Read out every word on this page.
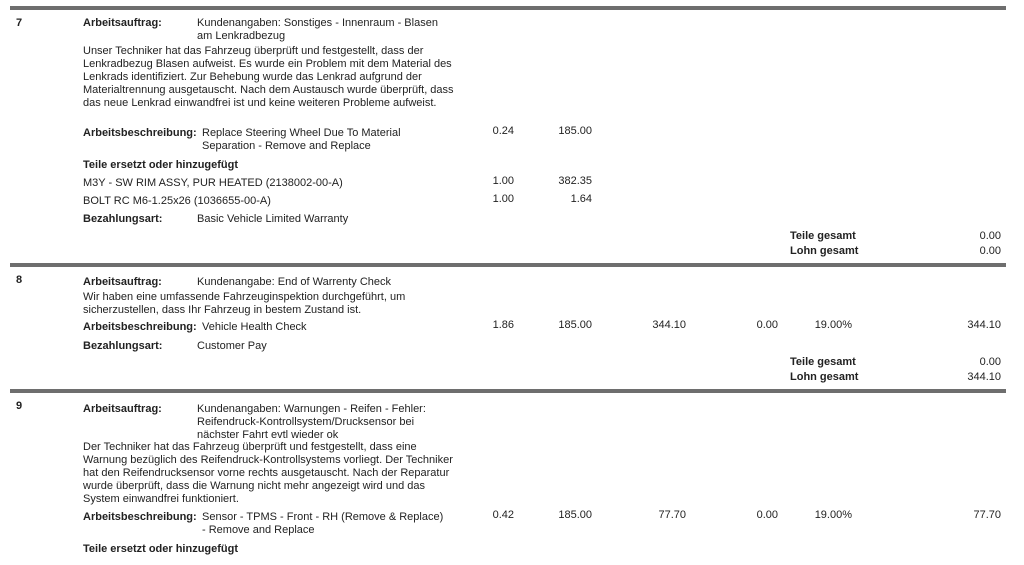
7	Arbeitsauftrag:	Kundenangaben: Sonstiges - Innenraum - Blasen
am Lenkradbezug
Unser Techniker hat das Fahrzeug überprüft und festgestellt, dass der Lenkradbezug Blasen aufweist. Es wurde ein Problem mit dem Material des Lenkrads identifiziert. Zur Behebung wurde das Lenkrad aufgrund der Materialtrennung ausgetauscht. Nach dem Austausch wurde überprüft, dass das neue Lenkrad einwandfrei ist und keine weiteren Probleme aufweist.
Arbeitsbeschreibung: Replace Steering Wheel Due To Material
Separation - Remove and Replace
0.24	185.00
Teile ersetzt oder hinzugefügt
M3Y - SW RIM ASSY, PUR HEATED (2138002-00-A)	1.00	382.35
BOLT RC M6-1.25x26 (1036655-00-A)	1.00	1.64
Bezahlungsart:	Basic Vehicle Limited Warranty
Teile gesamt	0.00
Lohn gesamt	0.00
8	Arbeitsauftrag:	Kundenangabe: End of Warrenty Check
Wir haben eine umfassende Fahrzeuginspektion durchgeführt, um sicherzustellen, dass Ihr Fahrzeug in bestem Zustand ist.
Arbeitsbeschreibung: Vehicle Health Check	1.86	185.00	344.10	0.00	19.00%	344.10
Bezahlungsart:	Customer Pay
Teile gesamt	0.00
Lohn gesamt	344.10
9	Arbeitsauftrag:	Kundenangaben: Warnungen - Reifen - Fehler:
Reifendruck-Kontrollsystem/Drucksensor bei
nächster Fahrt evtl wieder ok
Der Techniker hat das Fahrzeug überprüft und festgestellt, dass eine Warnung bezüglich des Reifendruck-Kontrollsystems vorliegt. Der Techniker hat den Reifendrucksensor vorne rechts ausgetauscht. Nach der Reparatur wurde überprüft, dass die Warnung nicht mehr angezeigt wird und das System einwandfrei funktioniert.
Arbeitsbeschreibung: Sensor - TPMS - Front - RH (Remove & Replace)
- Remove and Replace
0.42	185.00	77.70	0.00	19.00%	77.70
Teile ersetzt oder hinzugefügt
